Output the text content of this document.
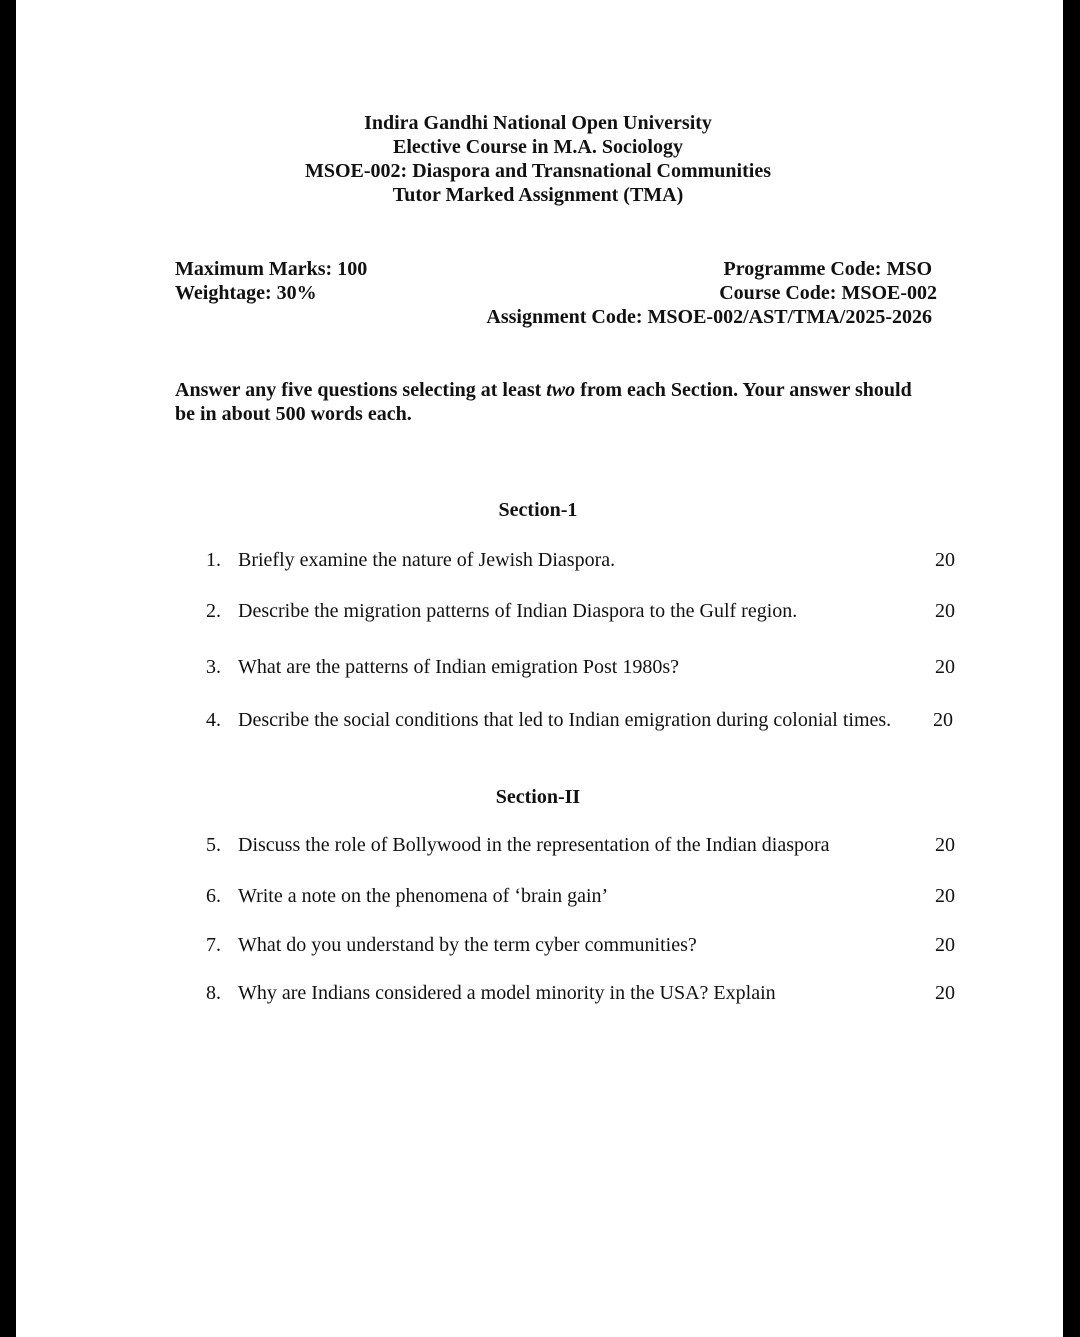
Indira Gandhi National Open University
Elective Course in M.A. Sociology
MSOE-002: Diaspora and Transnational Communities
Tutor Marked Assignment (TMA)
Maximum Marks: 100
Weightage: 30%
Programme Code: MSO
Course Code: MSOE-002
Assignment Code: MSOE-002/AST/TMA/2025-2026
Answer any five questions selecting at least two from each Section. Your answer should
be in about 500 words each.
Section-1
1. Briefly examine the nature of Jewish Diaspora.	20
2. Describe the migration patterns of Indian Diaspora to the Gulf region.	20
3. What are the patterns of Indian emigration Post 1980s?	20
4. Describe the social conditions that led to Indian emigration during colonial times. 20
Section-II
5. Discuss the role of Bollywood in the representation of the Indian diaspora	20
6. Write a note on the phenomena of ‘brain gain’	20
7. What do you understand by the term cyber communities?	20
8. Why are Indians considered a model minority in the USA? Explain	20
